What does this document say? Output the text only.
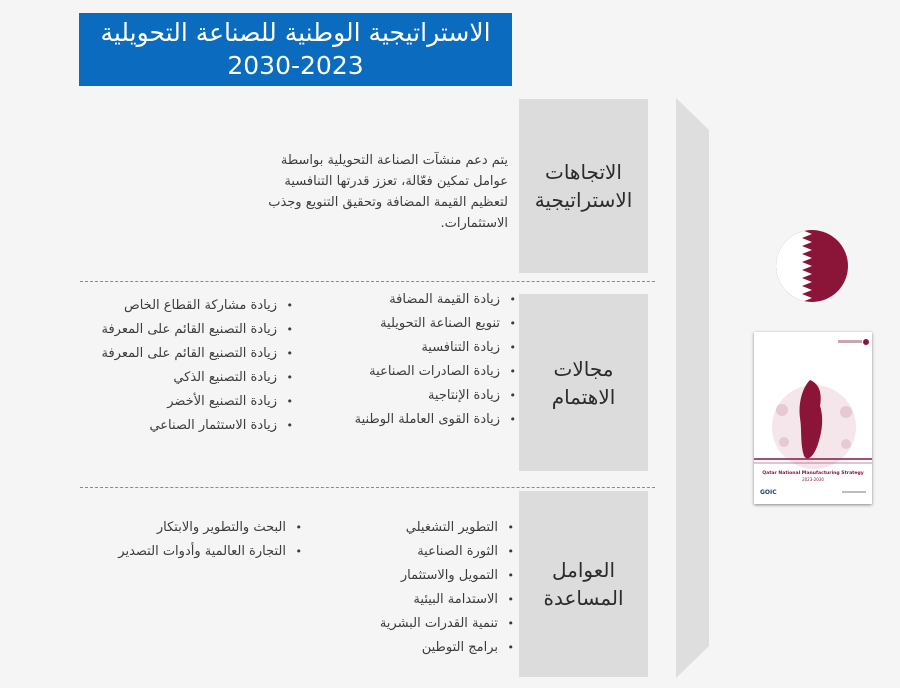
الاستراتيجية الوطنية للصناعة التحويلية
2030-2023
الاتجاهات
الاستراتيجية
مجالات
الاهتمام
العوامل
المساعدة

يتم دعم منشآت الصناعة التحويلية بواسطة عوامل تمكين فعّالة، تعزز قدرتها التنافسية لتعظيم القيمة المضافة وتحقيق التنويع وجذب الاستثمارات.

• زيادة القيمة المضافة
• تنويع الصناعة التحويلية
• زيادة التنافسية
• زيادة الصادرات الصناعية
• زيادة الإنتاجية
• زيادة القوى العاملة الوطنية
• زيادة مشاركة القطاع الخاص
• زيادة التصنيع القائم على المعرفة
• زيادة التصنيع القائم على المعرفة
• زيادة التصنيع الذكي
• زيادة التصنيع الأخضر
• زيادة الاستثمار الصناعي
• التطوير التشغيلي
• الثورة الصناعية
• التمويل والاستثمار
• الاستدامة البيئية
• تنمية القدرات البشرية
• برامج التوطين
• البحث والتطوير والابتكار
• التجارة العالمية وأدوات التصدير
Qatar National Manufacturing Strategy
2023-2030
GOIC
